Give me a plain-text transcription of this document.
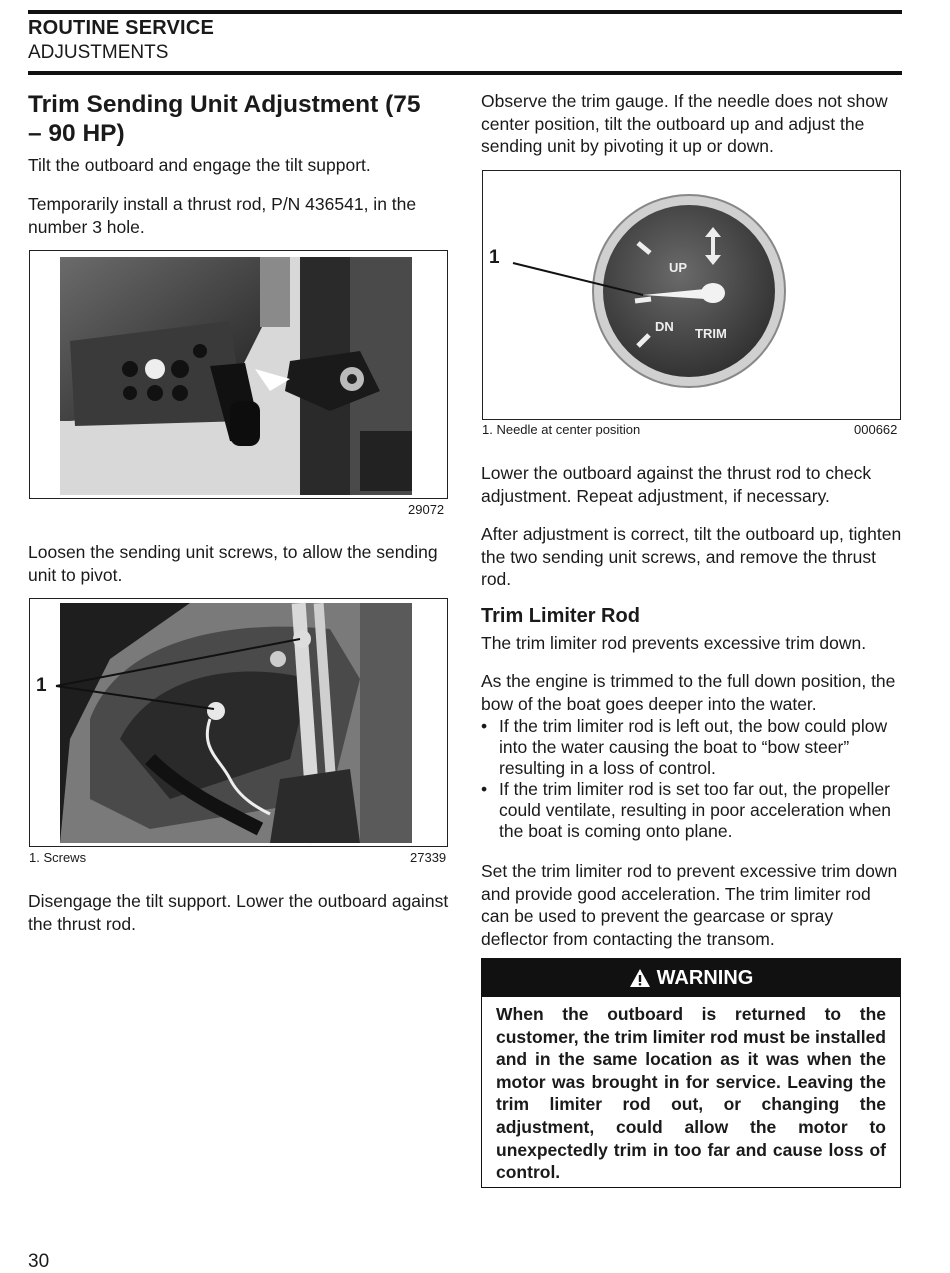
ROUTINE SERVICE
ADJUSTMENTS
Trim Sending Unit Adjustment (75 – 90 HP)

Tilt the outboard and engage the tilt support.

Temporarily install a thrust rod, P/N 436541, in the number 3 hole.

29072

Loosen the sending unit screws, to allow the sending unit to pivot.

1
1. Screws	27339

Disengage the tilt support. Lower the outboard against the thrust rod.

Observe the trim gauge. If the needle does not show center position, tilt the outboard up and adjust the sending unit by pivoting it up or down.

UP
DN TRIM
1
1. Needle at center position	000662

Lower the outboard against the thrust rod to check adjustment. Repeat adjustment, if necessary.

After adjustment is correct, tilt the outboard up, tighten the two sending unit screws, and remove the thrust rod.

Trim Limiter Rod

The trim limiter rod prevents excessive trim down.

As the engine is trimmed to the full down position, the bow of the boat goes deeper into the water.

• If the trim limiter rod is left out, the bow could plow into the water causing the boat to “bow steer” resulting in a loss of control.
• If the trim limiter rod is set too far out, the propeller could ventilate, resulting in poor acceleration when the boat is coming onto plane.

Set the trim limiter rod to prevent excessive trim down and provide good acceleration. The trim limiter rod can be used to prevent the gearcase or spray deflector from contacting the transom.

WARNING
When the outboard is returned to the customer, the trim limiter rod must be installed and in the same location as it was when the motor was brought in for service. Leaving the trim limiter rod out, or changing the adjustment, could allow the motor to unexpectedly trim in too far and cause loss of control.
30
